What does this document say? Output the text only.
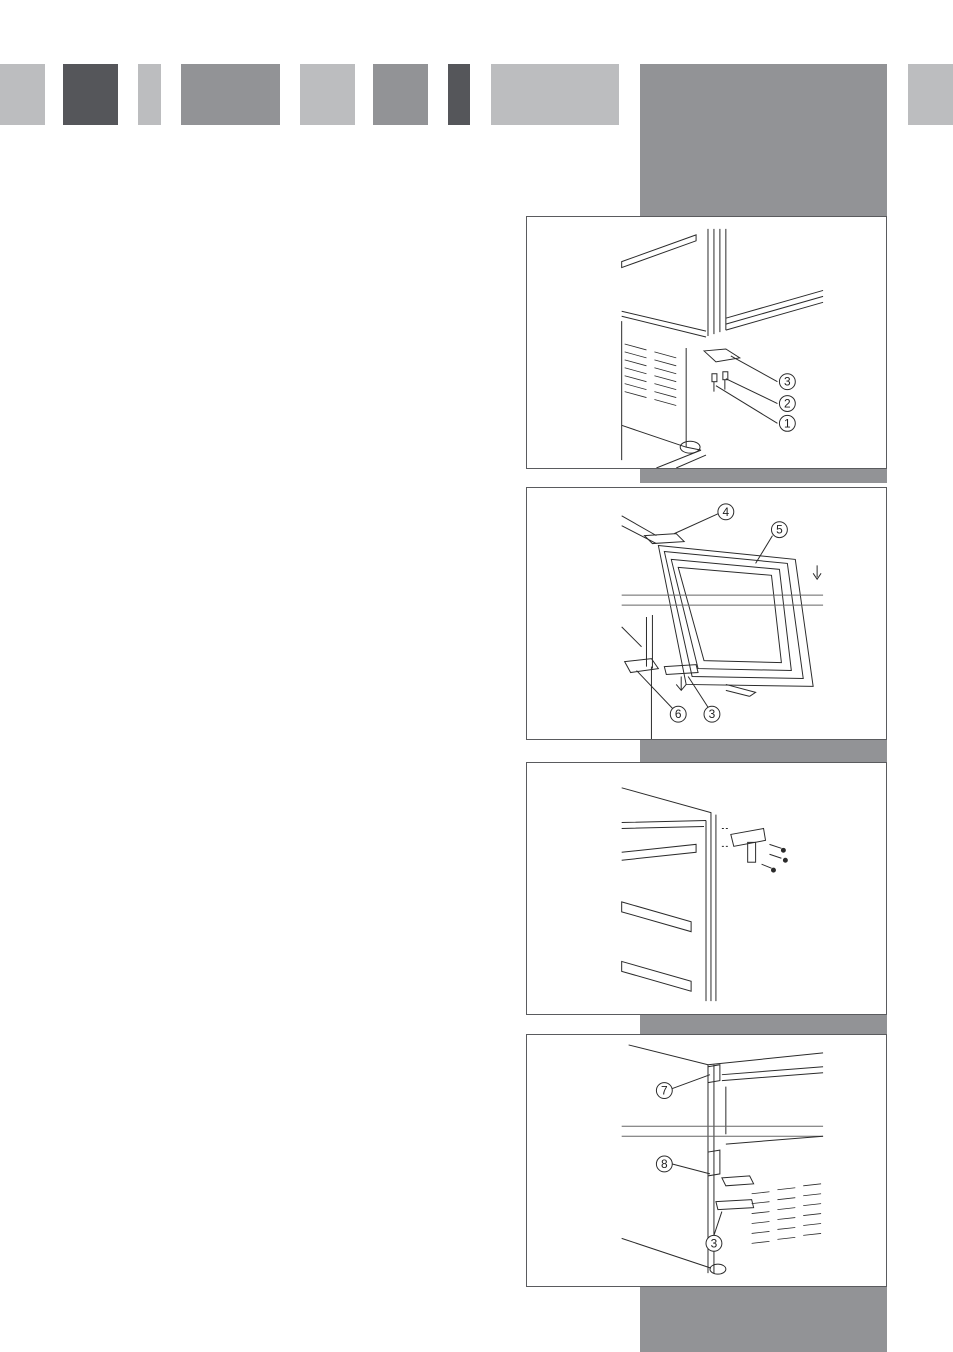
3
2
1
4
5
6 3
7
8
3
